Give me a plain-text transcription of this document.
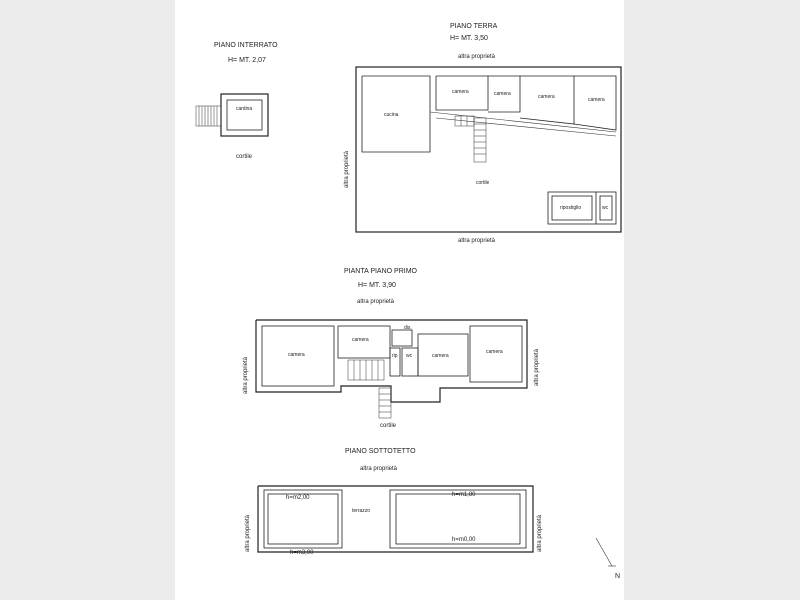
PIANO INTERRATO
H= MT. 2,07
cantina
cortile
PIANO TERRA
H= MT. 3,50
altra proprietà
altra proprietà
altra proprietà
cucina
camera	camera	camera	camera
cortile
ripostiglio	wc
PIANTA PIANO PRIMO
H= MT. 3,90
altra proprietà
altra proprietà	altra proprietà
camera
camera
dis.
rip wc	camera
camera
cortile
PIANO SOTTOTETTO
altra proprietà
altra proprietà	altra proprietà
h=m2,00
h=m3,00
h=m1,80
h=m0,00
terrazzo
N
